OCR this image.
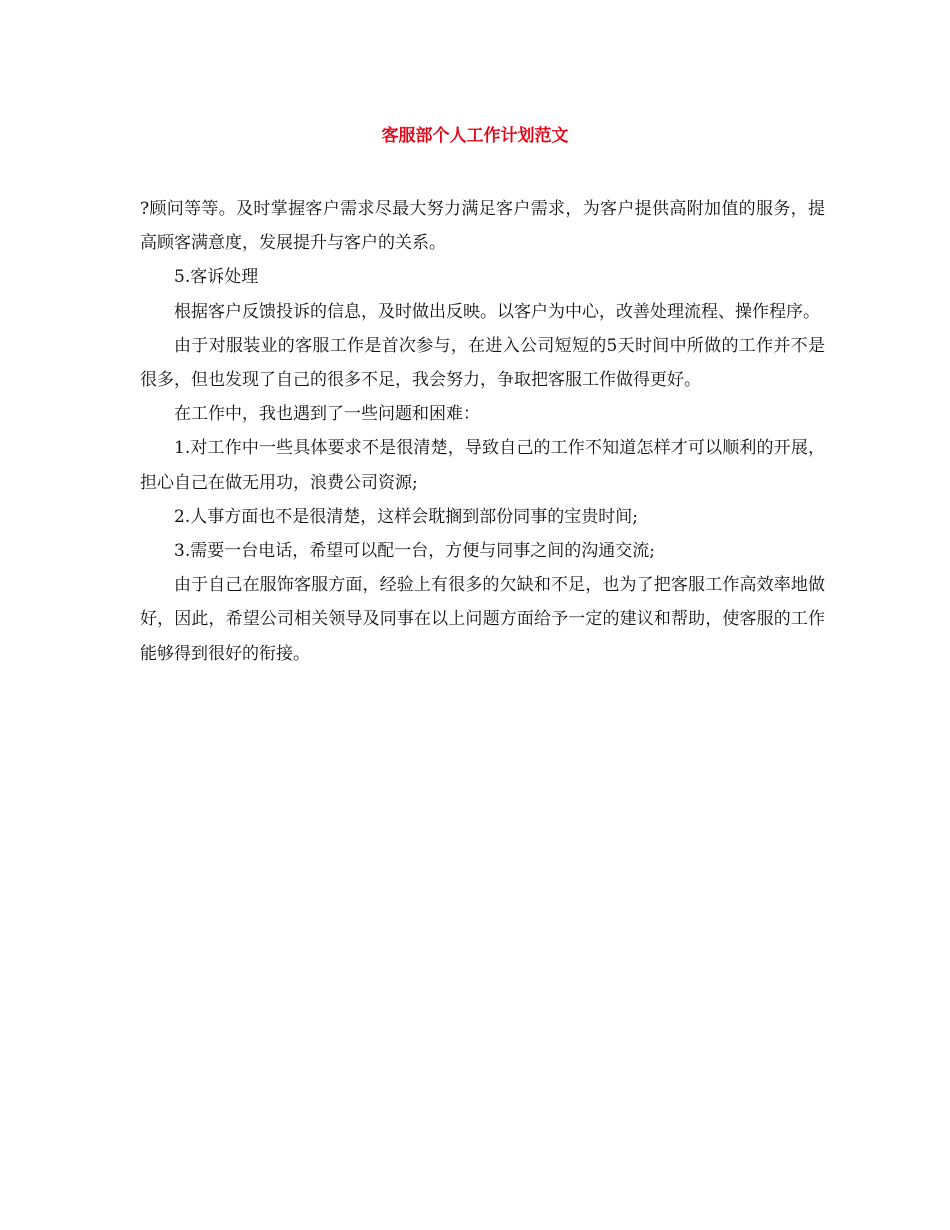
客服部个人工作计划范文

?顾问等等。及时掌握客户需求尽最大努力满足客户需求，为客户提供高附加值的服务，提高顾客满意度，发展提升与客户的关系。

5.客诉处理

根据客户反馈投诉的信息，及时做出反映。以客户为中心，改善处理流程、操作程序。

由于对服装业的客服工作是首次参与，在进入公司短短的5天时间中所做的工作并不是很多，但也发现了自己的很多不足，我会努力，争取把客服工作做得更好。

在工作中，我也遇到了一些问题和困难：

1.对工作中一些具体要求不是很清楚，导致自己的工作不知道怎样才可以顺利的开展，担心自己在做无用功，浪费公司资源;

2.人事方面也不是很清楚，这样会耽搁到部份同事的宝贵时间;

3.需要一台电话，希望可以配一台，方便与同事之间的沟通交流;

由于自己在服饰客服方面，经验上有很多的欠缺和不足，也为了把客服工作高效率地做好，因此，希望公司相关领导及同事在以上问题方面给予一定的建议和帮助，使客服的工作能够得到很好的衔接。
